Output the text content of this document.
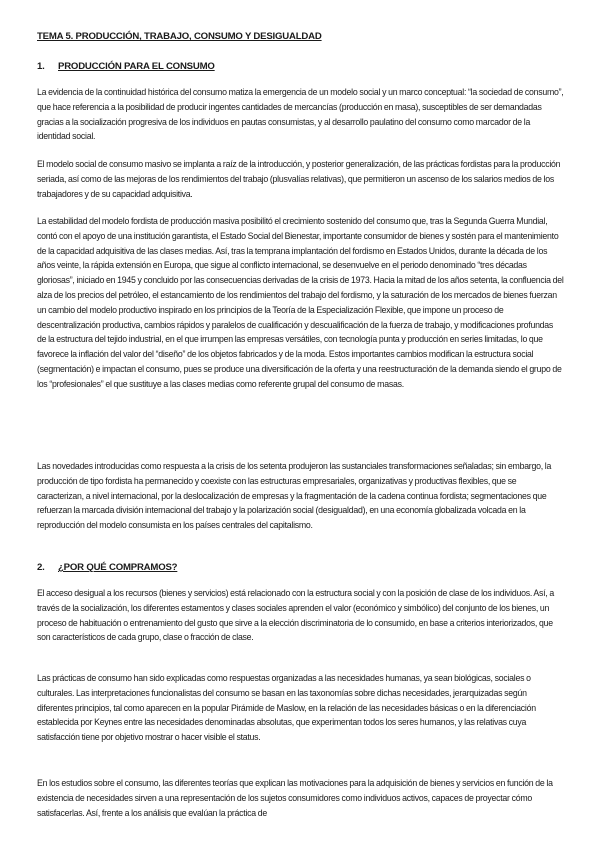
TEMA 5. PRODUCCIÓN, TRABAJO, CONSUMO Y DESIGUALDAD
1. PRODUCCIÓN PARA EL CONSUMO

La evidencia de la continuidad histórica del consumo matiza la emergencia de un modelo social y un marco conceptual: “la sociedad de consumo”, que hace referencia a la posibilidad de producir ingentes cantidades de mercancías (producción en masa), susceptibles de ser demandadas gracias a la socialización progresiva de los individuos en pautas consumistas, y al desarrollo paulatino del consumo como marcador de la identidad social.

El modelo social de consumo masivo se implanta a raíz de la introducción, y posterior generalización, de las prácticas fordistas para la producción seriada, así como de las mejoras de los rendimientos del trabajo (plusvalías relativas), que permitieron un ascenso de los salarios medios de los trabajadores y de su capacidad adquisitiva.

La estabilidad del modelo fordista de producción masiva posibilitó el crecimiento sostenido del consumo que, tras la Segunda Guerra Mundial, contó con el apoyo de una institución garantista, el Estado Social del Bienestar, importante consumidor de bienes y sostén para el mantenimiento de la capacidad adquisitiva de las clases medias. Así, tras la temprana implantación del fordismo en Estados Unidos, durante la década de los años veinte, la rápida extensión en Europa, que sigue al conflicto internacional, se desenvuelve en el periodo denominado “tres décadas gloriosas”, iniciado en 1945 y concluido por las consecuencias derivadas de la crisis de 1973. Hacia la mitad de los años setenta, la confluencia del alza de los precios del petróleo, el estancamiento de los rendimientos del trabajo del fordismo, y la saturación de los mercados de bienes fuerzan un cambio del modelo productivo inspirado en los principios de la Teoría de la Especialización Flexible, que impone un proceso de descentralización productiva, cambios rápidos y paralelos de cualificación y descualificación de la fuerza de trabajo, y modificaciones profundas de la estructura del tejido industrial, en el que irrumpen las empresas versátiles, con tecnología punta y producción en series limitadas, lo que favorece la inflación del valor del “diseño” de los objetos fabricados y de la moda. Estos importantes cambios modifican la estructura social (segmentación) e impactan el consumo, pues se produce una diversificación de la oferta y una reestructuración de la demanda siendo el grupo de los “profesionales” el que sustituye a las clases medias como referente grupal del consumo de masas.

Las novedades introducidas como respuesta a la crisis de los setenta produjeron las sustanciales transformaciones señaladas; sin embargo, la producción de tipo fordista ha permanecido y coexiste con las estructuras empresariales, organizativas y productivas flexibles, que se caracterizan, a nivel internacional, por la deslocalización de empresas y la fragmentación de la cadena continua fordista; segmentaciones que refuerzan la marcada división internacional del trabajo y la polarización social (desigualdad), en una economía globalizada volcada en la reproducción del modelo consumista en los países centrales del capitalismo.

2. ¿POR QUÉ COMPRAMOS?

El acceso desigual a los recursos (bienes y servicios) está relacionado con la estructura social y con la posición de clase de los individuos. Así, a través de la socialización, los diferentes estamentos y clases sociales aprenden el valor (económico y simbólico) del conjunto de los bienes, un proceso de habituación o entrenamiento del gusto que sirve a la elección discriminatoria de lo consumido, en base a criterios interiorizados, que son característicos de cada grupo, clase o fracción de clase.

Las prácticas de consumo han sido explicadas como respuestas organizadas a las necesidades humanas, ya sean biológicas, sociales o culturales. Las interpretaciones funcionalistas del consumo se basan en las taxonomías sobre dichas necesidades, jerarquizadas según diferentes principios, tal como aparecen en la popular Pirámide de Maslow, en la relación de las necesidades básicas o en la diferenciación establecida por Keynes entre las necesidades denominadas absolutas, que experimentan todos los seres humanos, y las relativas cuya satisfacción tiene por objetivo mostrar o hacer visible el status.

En los estudios sobre el consumo, las diferentes teorías que explican las motivaciones para la adquisición de bienes y servicios en función de la existencia de necesidades sirven a una representación de los sujetos consumidores como individuos activos, capaces de proyectar cómo satisfacerlas. Así, frente a los análisis que evalúan la práctica de
